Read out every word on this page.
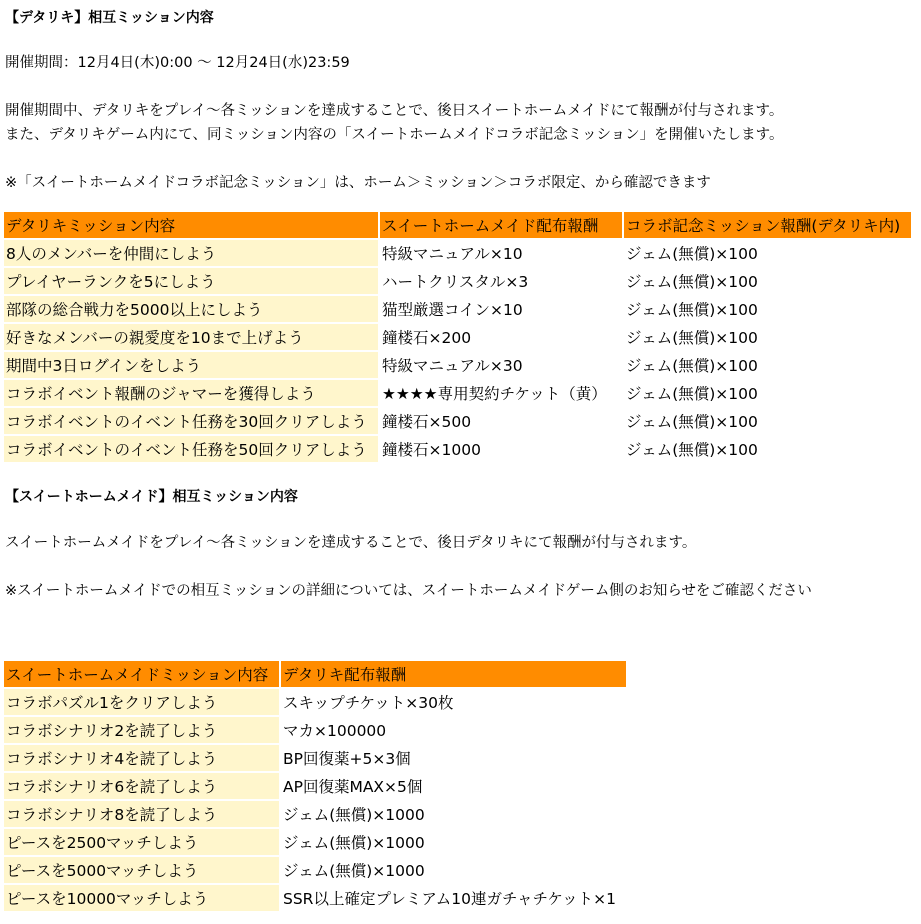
【デタリキ】相互ミッション内容
開催期間：12月4日(木)0:00 ～ 12月24日(水)23:59
開催期間中、デタリキをプレイ～各ミッションを達成することで、後日スイートホームメイドにて報酬が付与されます。
また、デタリキゲーム内にて、同ミッション内容の「スイートホームメイドコラボ記念ミッション」を開催いたします。
※「スイートホームメイドコラボ記念ミッション」は、ホーム＞ミッション＞コラボ限定、から確認できます
デタリキミッション内容	スイートホームメイド配布報酬	コラボ記念ミッション報酬(デタリキ内)
8人のメンバーを仲間にしよう	特級マニュアル×10	ジェム(無償)×100
プレイヤーランクを5にしよう	ハートクリスタル×3	ジェム(無償)×100
部隊の総合戦力を5000以上にしよう	猫型厳選コイン×10	ジェム(無償)×100
好きなメンバーの親愛度を10まで上げよう	鐘楼石×200	ジェム(無償)×100
期間中3日ログインをしよう	特級マニュアル×30	ジェム(無償)×100
コラボイベント報酬のジャマーを獲得しよう	★★★★専用契約チケット（黄）	ジェム(無償)×100
コラボイベントのイベント任務を30回クリアしよう	鐘楼石×500	ジェム(無償)×100
コラボイベントのイベント任務を50回クリアしよう	鐘楼石×1000	ジェム(無償)×100
【スイートホームメイド】相互ミッション内容
スイートホームメイドをプレイ～各ミッションを達成することで、後日デタリキにて報酬が付与されます。
※スイートホームメイドでの相互ミッションの詳細については、スイートホームメイドゲーム側のお知らせをご確認ください
スイートホームメイドミッション内容	デタリキ配布報酬
コラボパズル1をクリアしよう	スキップチケット×30枚
コラボシナリオ2を読了しよう	マカ×100000
コラボシナリオ4を読了しよう	BP回復薬+5×3個
コラボシナリオ6を読了しよう	AP回復薬MAX×5個
コラボシナリオ8を読了しよう	ジェム(無償)×1000
ピースを2500マッチしよう	ジェム(無償)×1000
ピースを5000マッチしよう	ジェム(無償)×1000
ピースを10000マッチしよう	SSR以上確定プレミアム10連ガチャチケット×1
